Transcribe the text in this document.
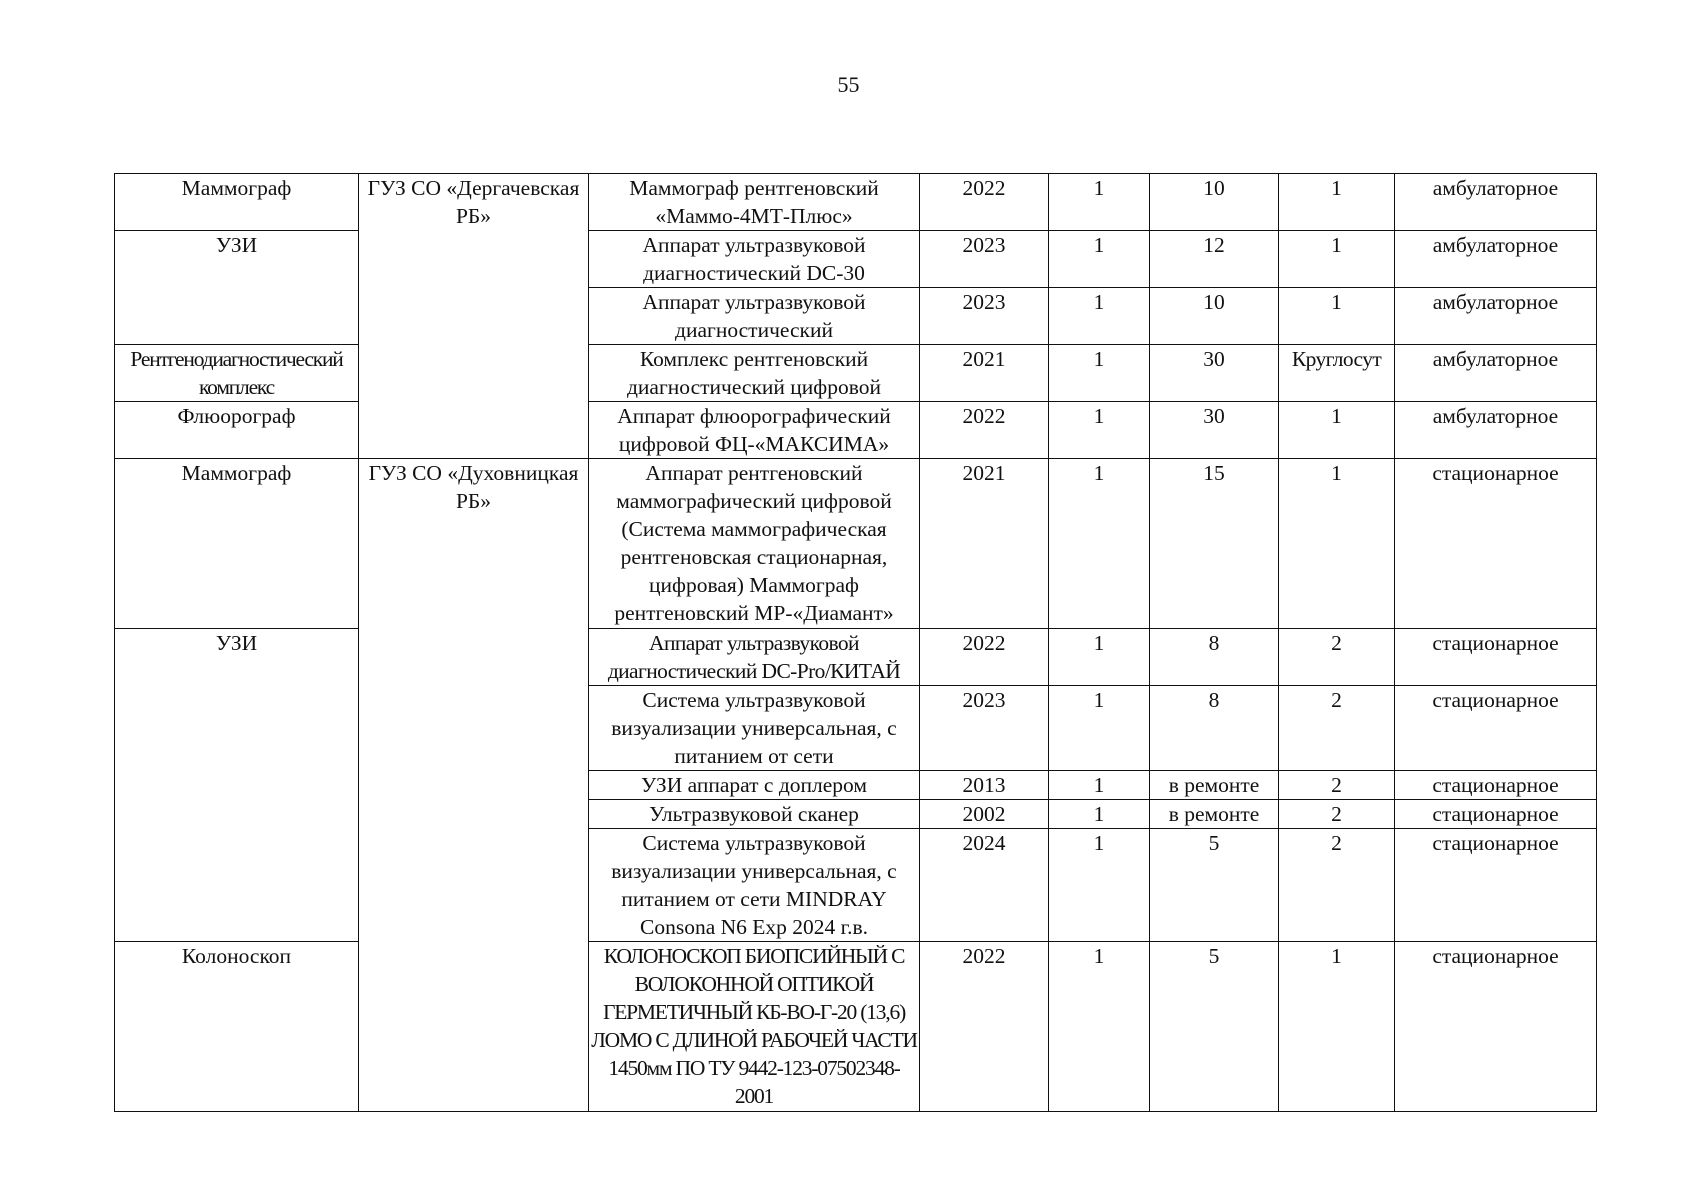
55
Маммограф	ГУЗ СО «Дергачевская РБ»	Маммограф рентгеновский «Маммо-4МТ-Плюс»	2022	1	10	1	амбулаторное
УЗИ		Аппарат ультразвуковой диагностический DC-30	2023	1	12	1	амбулаторное
		Аппарат ультразвуковой диагностический	2023	1	10	1	амбулаторное
Рентгенодиагностический комплекс		Комплекс рентгеновский диагностический цифровой	2021	1	30	Круглосут	амбулаторное
Флюорограф		Аппарат флюорографический цифровой ФЦ-«МАКСИМА»	2022	1	30	1	амбулаторное
Маммограф	ГУЗ СО «Духовницкая РБ»	Аппарат рентгеновский маммографический цифровой (Система маммографическая рентгеновская стационарная, цифровая) Маммограф рентгеновский МР-«Диамант»	2021	1	15	1	стационарное
УЗИ		Аппарат ультразвуковой диагностический DC-Pro/КИТАЙ	2022	1	8	2	стационарное
		Система ультразвуковой визуализации универсальная, с питанием от сети	2023	1	8	2	стационарное
		УЗИ аппарат с доплером	2013	1	в ремонте	2	стационарное
		Ультразвуковой сканер	2002	1	в ремонте	2	стационарное
		Система ультразвуковой визуализации универсальная, с питанием от сети MINDRAY Consona N6 Exp 2024 г.в.	2024	1	5	2	стационарное
Колоноскоп		КОЛОНОСКОП БИОПСИЙНЫЙ С ВОЛОКОННОЙ ОПТИКОЙ ГЕРМЕТИЧНЫЙ КБ-ВО-Г-20 (13,6) ЛОМО С ДЛИНОЙ РАБОЧЕЙ ЧАСТИ 1450мм ПО ТУ 9442-123-07502348-2001	2022	1	5	1	стационарное
